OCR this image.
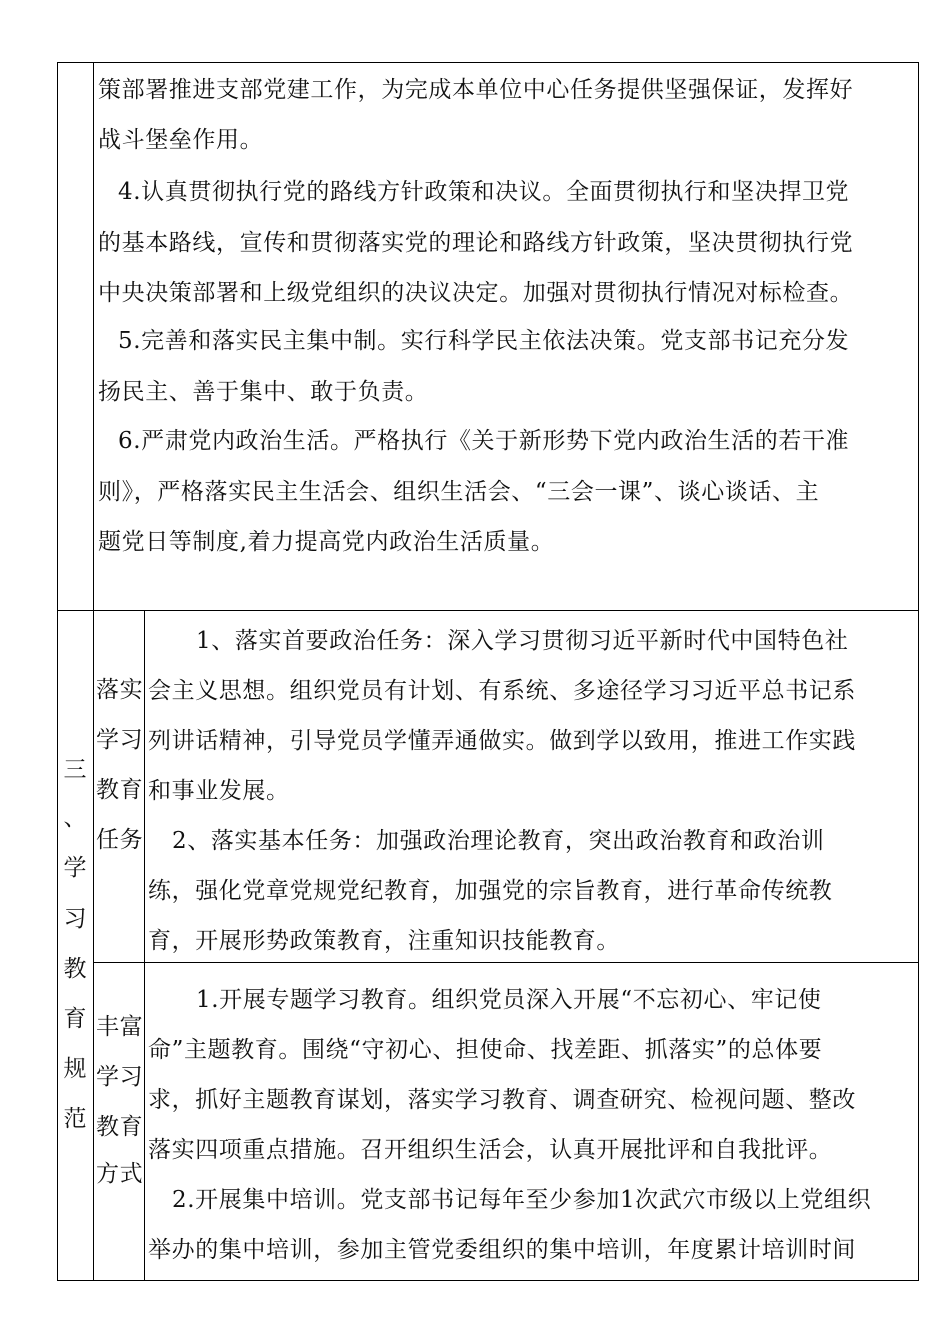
策部署推进支部党建工作，为完成本单位中心任务提供坚强保证，发挥好
战斗堡垒作用。
4.认真贯彻执行党的路线方针政策和决议。全面贯彻执行和坚决捍卫党
的基本路线，宣传和贯彻落实党的理论和路线方针政策，坚决贯彻执行党
中央决策部署和上级党组织的决议决定。加强对贯彻执行情况对标检查。
5.完善和落实民主集中制。实行科学民主依法决策。党支部书记充分发
扬民主、善于集中、敢于负责。
6.严肃党内政治生活。严格执行《关于新形势下党内政治生活的若干准
则》，严格落实民主生活会、组织生活会、“三会一课”、谈心谈话、主
题党日等制度,着力提高党内政治生活质量。
三
、
学
习
教
育
规
范
落实
学习
教育
任务
1、落实首要政治任务：深入学习贯彻习近平新时代中国特色社
会主义思想。组织党员有计划、有系统、多途径学习习近平总书记系
列讲话精神，引导党员学懂弄通做实。做到学以致用，推进工作实践
和事业发展。
2、落实基本任务：加强政治理论教育，突出政治教育和政治训
练，强化党章党规党纪教育，加强党的宗旨教育，进行革命传统教
育，开展形势政策教育，注重知识技能教育。
丰富
学习
教育
方式
1.开展专题学习教育。组织党员深入开展“不忘初心、牢记使
命”主题教育。围绕“守初心、担使命、找差距、抓落实”的总体要
求，抓好主题教育谋划，落实学习教育、调查研究、检视问题、整改
落实四项重点措施。召开组织生活会，认真开展批评和自我批评。
2.开展集中培训。党支部书记每年至少参加1次武穴市级以上党组织
举办的集中培训，参加主管党委组织的集中培训，年度累计培训时间
